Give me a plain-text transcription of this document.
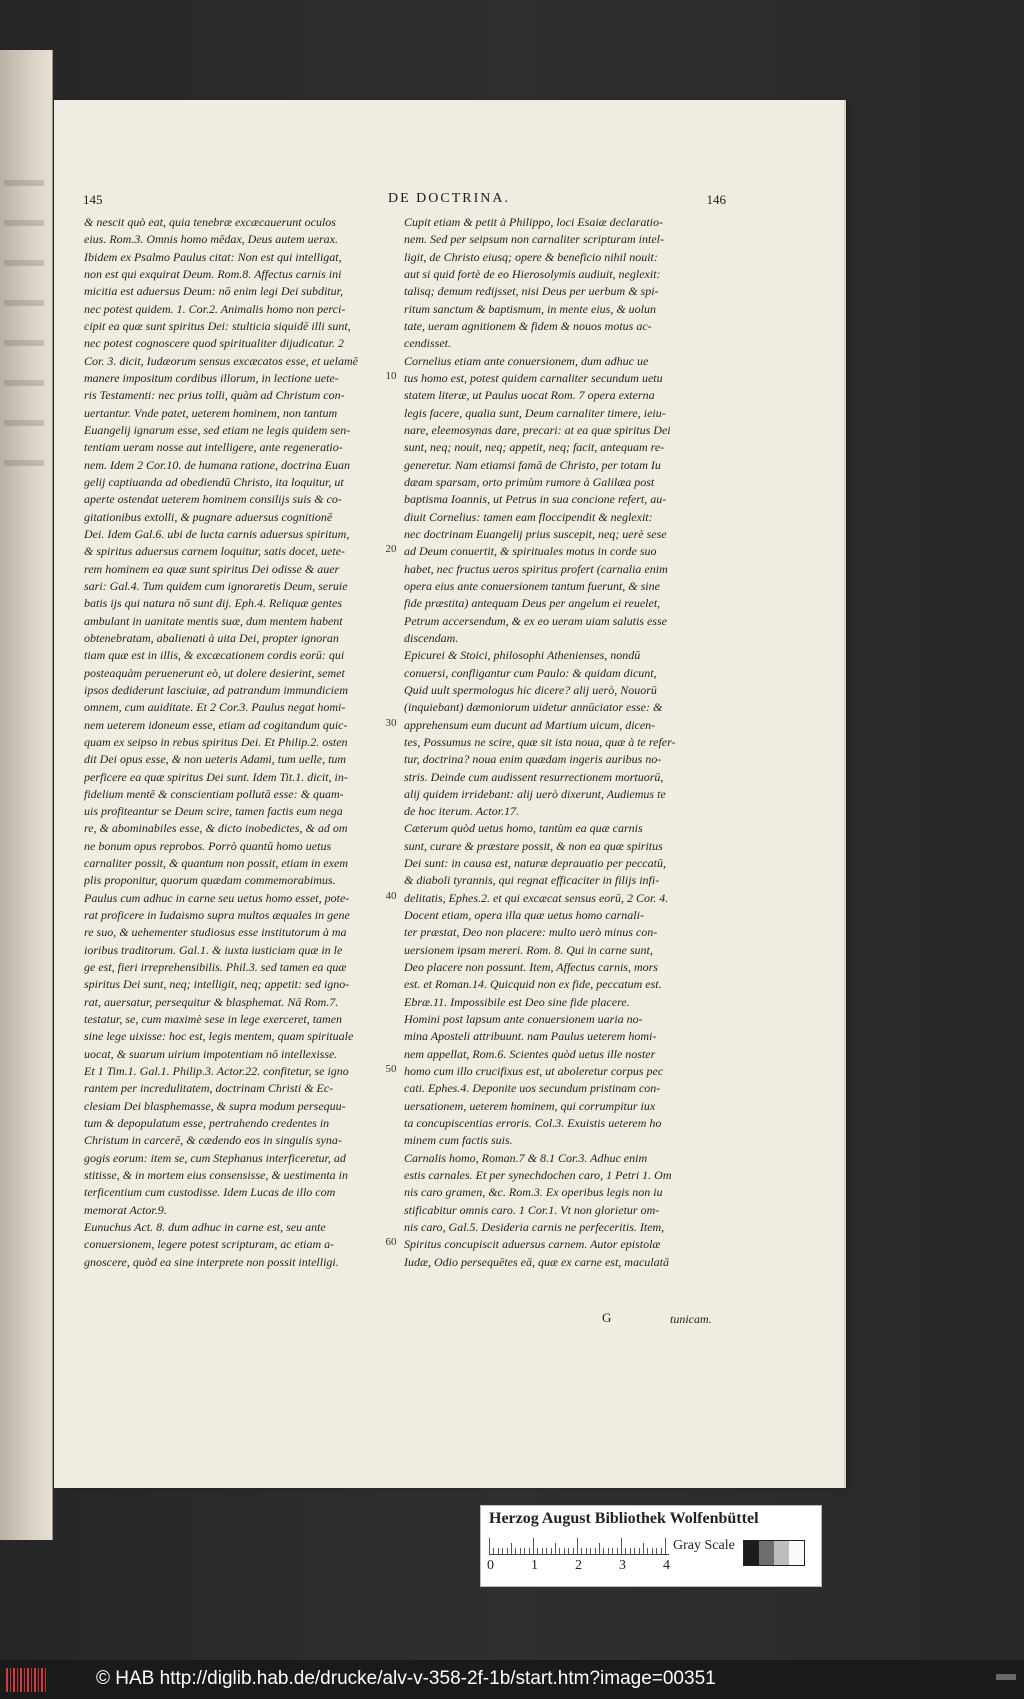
145	DE DOCTRINA.	146
& nescit quò eat, quia tenebræ excæcauerunt oculos
eius. Rom.3. Omnis homo mēdax, Deus autem uerax.
Ibidem ex Psalmo Paulus citat: Non est qui intelligat,
non est qui exquirat Deum. Rom.8. Affectus carnis ini
micitia est aduersus Deum: nō enim legi Dei subditur,
nec potest quidem. 1. Cor.2. Animalis homo non perci-
cipit ea quæ sunt spiritus Dei: stulticia siquidē illi sunt,
nec potest cognoscere quod spiritualiter dijudicatur. 2
Cor. 3. dicit, Iudæorum sensus excæcatos esse, et uelamē
manere impositum cordibus illorum, in lectione uete-
ris Testamenti: nec prius tolli, quàm ad Christum con-
uertantur. Vnde patet, ueterem hominem, non tantum
Euangelij ignarum esse, sed etiam ne legis quidem sen-
tentiam ueram nosse aut intelligere, ante regeneratio-
nem. Idem 2 Cor.10. de humana ratione, doctrina Euan
gelij captiuanda ad obediendū Christo, ita loquitur, ut
aperte ostendat ueterem hominem consilijs suis & co-
gitationibus extolli, & pugnare aduersus cognitionē
Dei. Idem Gal.6. ubi de lucta carnis aduersus spiritum,
& spiritus aduersus carnem loquitur, satis docet, uete-
rem hominem ea quæ sunt spiritus Dei odisse & auer
sari: Gal.4. Tum quidem cum ignoraretis Deum, seruie
batis ijs qui natura nō sunt dij. Eph.4. Reliquæ gentes
ambulant in uanitate mentis suæ, dum mentem habent
obtenebratam, abalienati à uita Dei, propter ignoran
tiam quæ est in illis, & excæcationem cordis eorū: qui
posteaquàm peruenerunt eò, ut dolere desierint, semet
ipsos dediderunt lasciuiæ, ad patrandum immundiciem
omnem, cum auiditate. Et 2 Cor.3. Paulus negat homi-
nem ueterem idoneum esse, etiam ad cogitandum quic-
quam ex seipso in rebus spiritus Dei. Et Philip.2. osten
dit Dei opus esse, & non ueteris Adami, tum uelle, tum
perficere ea quæ spiritus Dei sunt. Idem Tit.1. dicit, in-
fidelium mentē & conscientiam pollutā esse: & quam-
uis profiteantur se Deum scire, tamen factis eum nega
re, & abominabiles esse, & dicto inobedictes, & ad om
ne bonum opus reprobos. Porrò quantū homo uetus
carnaliter possit, & quantum non possit, etiam in exem
plis proponitur, quorum quædam commemorabimus.
Paulus cum adhuc in carne seu uetus homo esset, pote-
rat proficere in Iudaismo supra multos æquales in gene
re suo, & uehementer studiosus esse institutorum à ma
ioribus traditorum. Gal.1. & iuxta iusticiam quæ in le
ge est, fieri irreprehensibilis. Phil.3. sed tamen ea quæ
spiritus Dei sunt, neq; intelligit, neq; appetit: sed igno-
rat, auersatur, persequitur & blasphemat. Nā Rom.7.
testatur, se, cum maximè sese in lege exerceret, tamen
sine lege uixisse: hoc est, legis mentem, quam spirituale
uocat, & suarum uirium impotentiam nō intellexisse.
Et 1 Tim.1. Gal.1. Philip.3. Actor.22. confitetur, se igno
rantem per incredulitatem, doctrinam Christi & Ec-
clesiam Dei blasphemasse, & supra modum persequu-
tum & depopulatum esse, pertrahendo credentes in
Christum in carcerē, & cædendo eos in singulis syna-
gogis eorum: item se, cum Stephanus interficeretur, ad
stitisse, & in mortem eius consensisse, & uestimenta in
terficentium cum custodisse. Idem Lucas de illo com
memorat Actor.9.
Eunuchus Act. 8. dum adhuc in carne est, seu ante
conuersionem, legere potest scripturam, ac etiam a-
gnoscere, quòd ea sine interprete non possit intelligi.
10
20
30
40
50
60
Cupit etiam & petit à Philippo, loci Esaiæ declaratio-
nem. Sed per seipsum non carnaliter scripturam intel-
ligit, de Christo eiusq; opere & beneficio nihil nouit:
aut si quid fortè de eo Hierosolymis audiuit, neglexit:
talisq; demum redijsset, nisi Deus per uerbum & spi-
ritum sanctum & baptismum, in mente eius, & uolun
tate, ueram agnitionem & fidem & nouos motus ac-
cendisset.
Cornelius etiam ante conuersionem, dum adhuc ue
tus homo est, potest quidem carnaliter secundum uetu
statem literæ, ut Paulus uocat Rom. 7 opera externa
legis facere, qualia sunt, Deum carnaliter timere, ieiu-
nare, eleemosynas dare, precari: at ea quæ spiritus Dei
sunt, neq; nouit, neq; appetit, neq; facit, antequam re-
generetur. Nam etiamsi famā de Christo, per totam Iu
dæam sparsam, orto primùm rumore à Galilæa post
baptisma Ioannis, ut Petrus in sua concione refert, au-
diuit Cornelius: tamen eam floccipendit & neglexit:
nec doctrinam Euangelij prius suscepit, neq; uerè sese
ad Deum conuertit, & spirituales motus in corde suo
habet, nec fructus ueros spiritus profert (carnalia enim
opera eius ante conuersionem tantum fuerunt, & sine
fide præstita) antequam Deus per angelum ei reuelet,
Petrum accersendum, & ex eo ueram uiam salutis esse
discendam.
Epicurei & Stoici, philosophi Athenienses, nondū
conuersi, confligantur cum Paulo: & quidam dicunt,
Quid uult spermologus hic dicere? alij uerò, Nouorū
(inquiebant) dæmoniorum uidetur annūciator esse: &
apprehensum eum ducunt ad Martium uicum, dicen-
tes, Possumus ne scire, quæ sit ista noua, quæ à te refer-
tur, doctrina? noua enim quædam ingeris auribus no-
stris. Deinde cum audissent resurrectionem mortuorū,
alij quidem irridebant: alij uerò dixerunt, Audiemus te
de hoc iterum. Actor.17.
Cæterum quòd uetus homo, tantùm ea quæ carnis
sunt, curare & præstare possit, & non ea quæ spiritus
Dei sunt: in causa est, naturæ deprauatio per peccatū,
& diaboli tyrannis, qui regnat efficaciter in filijs infi-
delitatis, Ephes.2. et qui excæcat sensus eorū, 2 Cor. 4.
Docent etiam, opera illa quæ uetus homo carnali-
ter præstat, Deo non placere: multo uerò minus con-
uersionem ipsam mereri. Rom. 8. Qui in carne sunt,
Deo placere non possunt. Item, Affectus carnis, mors
est. et Roman.14. Quicquid non ex fide, peccatum est.
Ebræ.11. Impossibile est Deo sine fide placere.
Homini post lapsum ante conuersionem uaria no-
mina Aposteli attribuunt. nam Paulus ueterem homi-
nem appellat, Rom.6. Scientes quòd uetus ille noster
homo cum illo crucifixus est, ut aboleretur corpus pec
cati. Ephes.4. Deponite uos secundum pristinam con-
uersationem, ueterem hominem, qui corrumpitur iux
ta concupiscentias erroris. Col.3. Exuistis ueterem ho
minem cum factis suis.
Carnalis homo, Roman.7 & 8.1 Cor.3. Adhuc enim
estis carnales. Et per synechdochen caro, 1 Petri 1. Om
nis caro gramen, &c. Rom.3. Ex operibus legis non iu
stificabitur omnis caro. 1 Cor.1. Vt non glorietur om-
nis caro, Gal.5. Desideria carnis ne perfeceritis. Item,
Spiritus concupiscit aduersus carnem. Autor epistolæ
Iudæ, Odio persequētes eā, quæ ex carne est, maculatā
G	tunicam.
Herzog August Bibliothek Wolfenbüttel
0	1	2	3	4
Gray Scale
© HAB http://diglib.hab.de/drucke/alv-v-358-2f-1b/start.htm?image=00351
